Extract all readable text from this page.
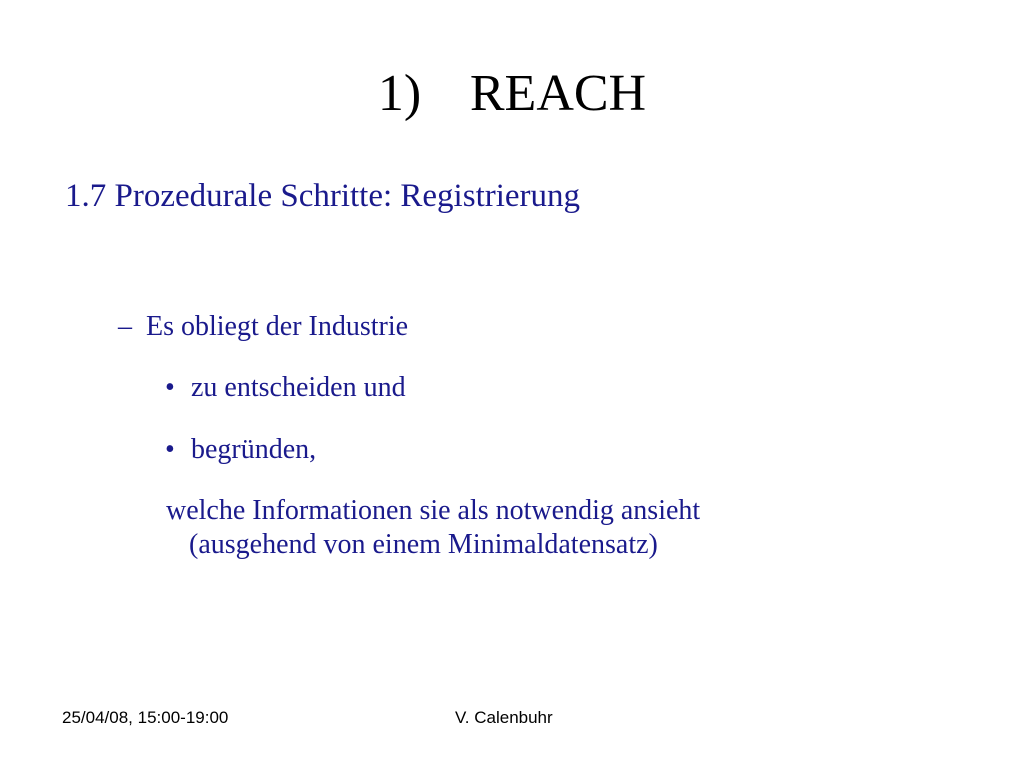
1) REACH
1.7 Prozedurale Schritte: Registrierung
– Es obliegt der Industrie
• zu entscheiden und
• begründen,
welche Informationen sie als notwendig ansieht
(ausgehend von einem Minimaldatensatz)
25/04/08, 15:00-19:00	V. Calenbuhr
